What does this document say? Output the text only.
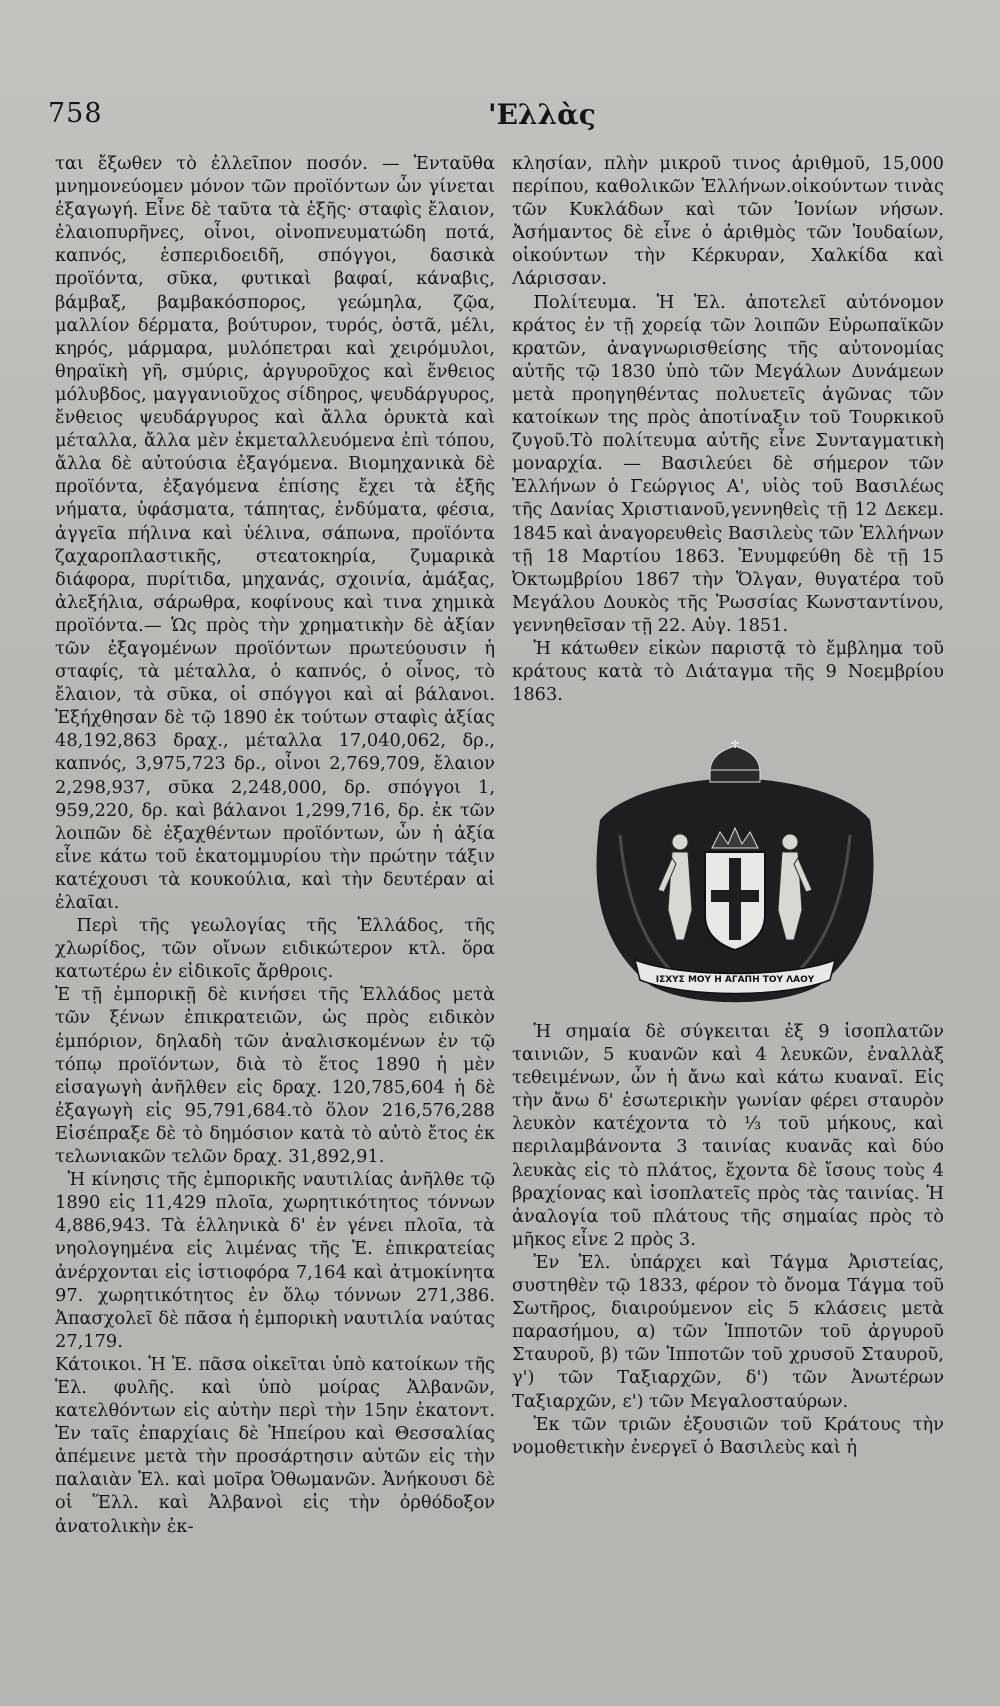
758	'Ελλὰς

ται ἔξωθεν τὸ ἐλλεῖπον ποσόν. — Ἐνταῦθα μνημονεύομεν μόνον τῶν προϊόντων ὧν γίνεται ἐξαγωγή. Εἶνε δὲ ταῦτα τὰ ἑξῆς· σταφὶς ἔλαιον, ἐλαιοπυρῆνες, οἶνοι, οἰνοπνευματώδη ποτά, καπνός, ἑσπεριδοειδῆ, σπόγγοι, δασικὰ προϊόντα, σῦκα, φυτικαὶ βαφαί, κάναβις, βάμβαξ, βαμβακόσπορος, γεώμηλα, ζῷα, μαλλίον δέρματα, βούτυρον, τυρός, ὀστᾶ, μέλι, κηρός, μάρμαρα, μυλόπετραι καὶ χειρόμυλοι, θηραϊκὴ γῆ, σμύρις, ἀργυροῦχος καὶ ἔνθειος μόλυβδος, μαγγανιοῦχος σίδηρος, ψευδάργυρος, ἔνθειος ψευδάργυρος καὶ ἄλλα ὀρυκτὰ καὶ μέταλλα, ἄλλα μὲν ἐκμεταλλευόμενα ἐπὶ τόπου, ἄλλα δὲ αὐτούσια ἐξαγόμενα. Βιομηχανικὰ δὲ προϊόντα, ἐξαγόμενα ἐπίσης ἔχει τὰ ἑξῆς νήματα, ὑφάσματα, τάπητας, ἐνδύματα, φέσια, ἀγγεῖα πήλινα καὶ ὑέλινα, σάπωνα, προϊόντα ζαχαροπλαστικῆς, στεατοκηρία, ζυμαρικὰ διάφορα, πυρίτιδα, μηχανάς, σχοινία, ἁμάξας, ἀλεξήλια, σάρωθρα, κοφίνους καὶ τινα χημικὰ προϊόντα.— Ὡς πρὸς τὴν χρηματικὴν δὲ ἀξίαν τῶν ἐξαγομένων προϊόντων πρωτεύουσιν ἡ σταφίς, τὰ μέταλλα, ὁ καπνός, ὁ οἶνος, τὸ ἔλαιον, τὰ σῦκα, οἱ σπόγγοι καὶ αἱ βάλανοι. Ἐξήχθησαν δὲ τῷ 1890 ἐκ τούτων σταφὶς ἀξίας 48,192,863 δραχ., μέταλλα 17,040,062, δρ., καπνός, 3,975,723 δρ., οἶνοι 2,769,709, ἔλαιον 2,298,937, σῦκα 2,248,000, δρ. σπόγγοι 1, 959,220, δρ. καὶ βάλανοι 1,299,716, δρ. ἐκ τῶν λοιπῶν δὲ ἐξαχθέντων προϊόντων, ὧν ἡ ἀξία εἶνε κάτω τοῦ ἑκατομμυρίου τὴν πρώτην τάξιν κατέχουσι τὰ κουκούλια, καὶ τὴν δευτέραν αἱ ἐλαῖαι.

Περὶ τῆς γεωλογίας τῆς Ἑλλάδος, τῆς χλωρίδος, τῶν οἴνων ειδικώτερον κτλ. ὅρα κατωτέρω ἐν εἰδικοῖς ἄρθροις.

Ἐ τῇ ἐμπορικῇ δὲ κινήσει τῆς Ἑλλάδος μετὰ τῶν ξένων ἐπικρατειῶν, ὡς πρὸς ειδικὸν ἐμπόριον, δηλαδὴ τῶν ἀναλισκομένων ἐν τῷ τόπῳ προϊόντων, διὰ τὸ ἔτος 1890 ἡ μὲν εἰσαγωγὴ ἀνῆλθεν εἰς δραχ. 120,785,604 ἡ δὲ ἐξαγωγὴ εἰς 95,791,684.τὸ ὅλον 216,576,288 Εἰσέπραξε δὲ τὸ δημόσιον κατὰ τὸ αὐτὸ ἔτος ἐκ τελωνιακῶν τελῶν δραχ. 31,892,91.

Ἡ κίνησις τῆς ἐμπορικῆς ναυτιλίας ἀνῆλθε τῷ 1890 εἰς 11,429 πλοῖα, χωρητικότητος τόννων 4,886,943. Τὰ ἑλληνικὰ δ' ἐν γένει πλοῖα, τὰ νηολογημένα εἰς λιμένας τῆς Ἑ. ἐπικρατείας ἀνέρχονται εἰς ἱστιοφόρα 7,164 καὶ ἀτμοκίνητα 97. χωρητικότητος ἐν ὅλῳ τόννων 271,386. Ἀπασχολεῖ δὲ πᾶσα ἡ ἐμπορικὴ ναυτιλία ναύτας 27,179.

Κάτοικοι. Ἡ Ἑ. πᾶσα οἰκεῖται ὑπὸ κατοίκων τῆς Ἑλ. φυλῆς. καὶ ὑπὸ μοίρας Ἀλβανῶν, κατελθόντων εἰς αὐτὴν περὶ τὴν 15ην ἑκατοντ. Ἐν ταῖς ἐπαρχίαις δὲ Ἠπείρου καὶ Θεσσαλίας ἀπέμεινε μετὰ τὴν προσάρτησιν αὐτῶν εἰς τὴν παλαιὰν Ἑλ. καὶ μοῖρα Ὀθωμανῶν. Ἀνήκουσι δὲ οἱ Ἕλλ. καὶ Ἀλβανοὶ εἰς τὴν ὀρθόδοξον ἀνατολικὴν ἐκ-

κλησίαν, πλὴν μικροῦ τινος ἀριθμοῦ, 15,000 περίπου, καθολικῶν Ἑλλήνων.οἰκούντων τινὰς τῶν Κυκλάδων καὶ τῶν Ἰονίων νήσων. Ἀσήμαντος δὲ εἶνε ὁ ἀριθμὸς τῶν Ἰουδαίων, οἰκούντων τὴν Κέρκυραν, Χαλκίδα καὶ Λάρισσαν.

Πολίτευμα. Ἡ Ἑλ. ἀποτελεῖ αὐτόνομον κράτος ἐν τῇ χορείᾳ τῶν λοιπῶν Εὐρωπαϊκῶν κρατῶν, ἀναγνωρισθείσης τῆς αὐτονομίας αὐτῆς τῷ 1830 ὑπὸ τῶν Μεγάλων Δυνάμεων μετὰ προηγηθέντας πολυετεῖς ἀγῶνας τῶν κατοίκων της πρὸς ἀποτίναξιν τοῦ Τουρκικοῦ ζυγοῦ.Τὸ πολίτευμα αὐτῆς εἶνε Συνταγματικὴ μοναρχία. — Βασιλεύει δὲ σήμερον τῶν Ἑλλήνων ὁ Γεώργιος Α', υἱὸς τοῦ Βασιλέως τῆς Δανίας Χριστιανοῦ,γεννηθεὶς τῇ 12 Δεκεμ. 1845 καὶ ἀναγορευθεὶς Βασιλεὺς τῶν Ἑλλήνων τῇ 18 Μαρτίου 1863. Ἐνυμφεύθη δὲ τῇ 15 Ὀκτωμβρίου 1867 τὴν Ὄλγαν, θυγατέρα τοῦ Μεγάλου Δουκὸς τῆς Ῥωσσίας Κωνσταντίνου, γεννηθεῖσαν τῇ 22. Αὐγ. 1851.

Ἡ κάτωθεν εἰκὼν παριστᾷ τὸ ἔμβλημα τοῦ κράτους κατὰ τὸ Διάταγμα τῆς 9 Νοεμβρίου 1863.

ΙΣΧΥΣ ΜΟΥ Η ΑΓΑΠΗ ΤΟΥ ΛΑΟΥ

Ἡ σημαία δὲ σύγκειται ἐξ 9 ἰσοπλατῶν ταινιῶν, 5 κυανῶν καὶ 4 λευκῶν, ἐναλλὰξ τεθειμένων, ὧν ἡ ἄνω καὶ κάτω κυαναῖ. Εἰς τὴν ἄνω δ' ἐσωτερικὴν γωνίαν φέρει σταυρὸν λευκὸν κατέχοντα τὸ ⅓ τοῦ μήκους, καὶ περιλαμβάνοντα 3 ταινίας κυανᾶς καὶ δύο λευκὰς εἰς τὸ πλάτος, ἔχοντα δὲ ἴσους τοὺς 4 βραχίονας καὶ ἰσοπλατεῖς πρὸς τὰς ταινίας. Ἡ ἀναλογία τοῦ πλάτους τῆς σημαίας πρὸς τὸ μῆκος εἶνε 2 πρὸς 3.

Ἐν Ἑλ. ὑπάρχει καὶ Τάγμα Ἀριστείας, συστηθὲν τῷ 1833, φέρον τὸ ὄνομα Τάγμα τοῦ Σωτῆρος, διαιρούμενον εἰς 5 κλάσεις μετὰ παρασήμου, α) τῶν Ἱπποτῶν τοῦ ἀργυροῦ Σταυροῦ, β) τῶν Ἱπποτῶν τοῦ χρυσοῦ Σταυροῦ, γ') τῶν Ταξιαρχῶν, δ') τῶν Ἀνωτέρων Ταξιαρχῶν, ε') τῶν Μεγαλοσταύρων.

Ἐκ τῶν τριῶν ἐξουσιῶν τοῦ Κράτους τὴν νομοθετικὴν ἐνεργεῖ ὁ Βασιλεὺς καὶ ἡ
